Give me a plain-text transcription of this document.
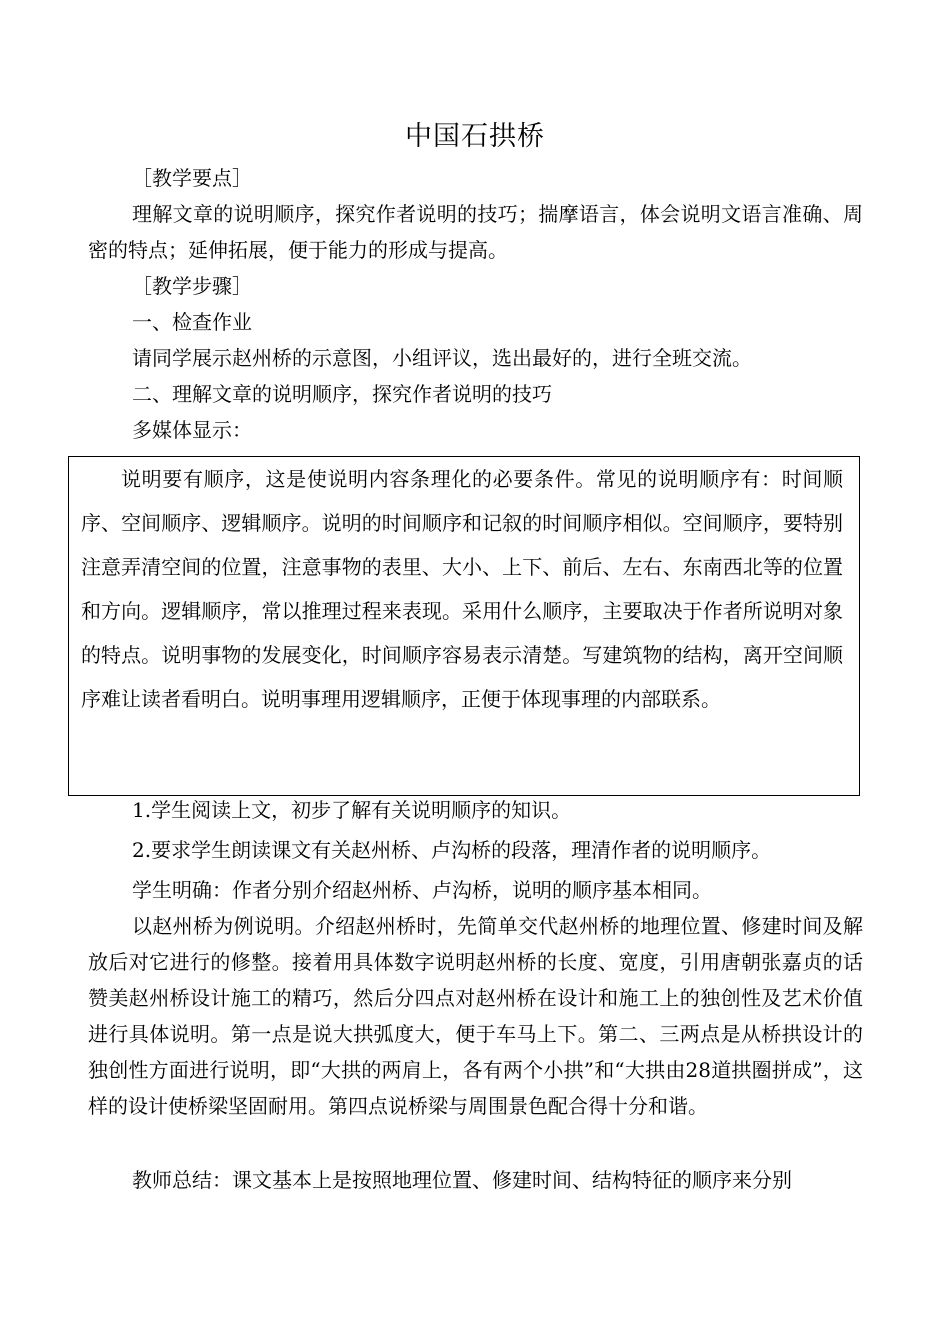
中国石拱桥

［教学要点］

理解文章的说明顺序，探究作者说明的技巧；揣摩语言，体会说明文语言准确、周密的特点；延伸拓展，便于能力的形成与提高。

［教学步骤］

一、检查作业

请同学展示赵州桥的示意图，小组评议，选出最好的，进行全班交流。

二、理解文章的说明顺序，探究作者说明的技巧

多媒体显示：

说明要有顺序，这是使说明内容条理化的必要条件。常见的说明顺序有：时间顺序、空间顺序、逻辑顺序。说明的时间顺序和记叙的时间顺序相似。空间顺序，要特别注意弄清空间的位置，注意事物的表里、大小、上下、前后、左右、东南西北等的位置和方向。逻辑顺序，常以推理过程来表现。采用什么顺序，主要取决于作者所说明对象的特点。说明事物的发展变化，时间顺序容易表示清楚。写建筑物的结构，离开空间顺序难让读者看明白。说明事理用逻辑顺序，正便于体现事理的内部联系。

1.学生阅读上文，初步了解有关说明顺序的知识。

2.要求学生朗读课文有关赵州桥、卢沟桥的段落，理清作者的说明顺序。

学生明确：作者分别介绍赵州桥、卢沟桥，说明的顺序基本相同。

以赵州桥为例说明。介绍赵州桥时，先简单交代赵州桥的地理位置、修建时间及解放后对它进行的修整。接着用具体数字说明赵州桥的长度、宽度，引用唐朝张嘉贞的话赞美赵州桥设计施工的精巧，然后分四点对赵州桥在设计和施工上的独创性及艺术价值进行具体说明。第一点是说大拱弧度大，便于车马上下。第二、三两点是从桥拱设计的独创性方面进行说明，即“大拱的两肩上，各有两个小拱”和“大拱由28道拱圈拼成”，这样的设计使桥梁坚固耐用。第四点说桥梁与周围景色配合得十分和谐。

教师总结：课文基本上是按照地理位置、修建时间、结构特征的顺序来分别
